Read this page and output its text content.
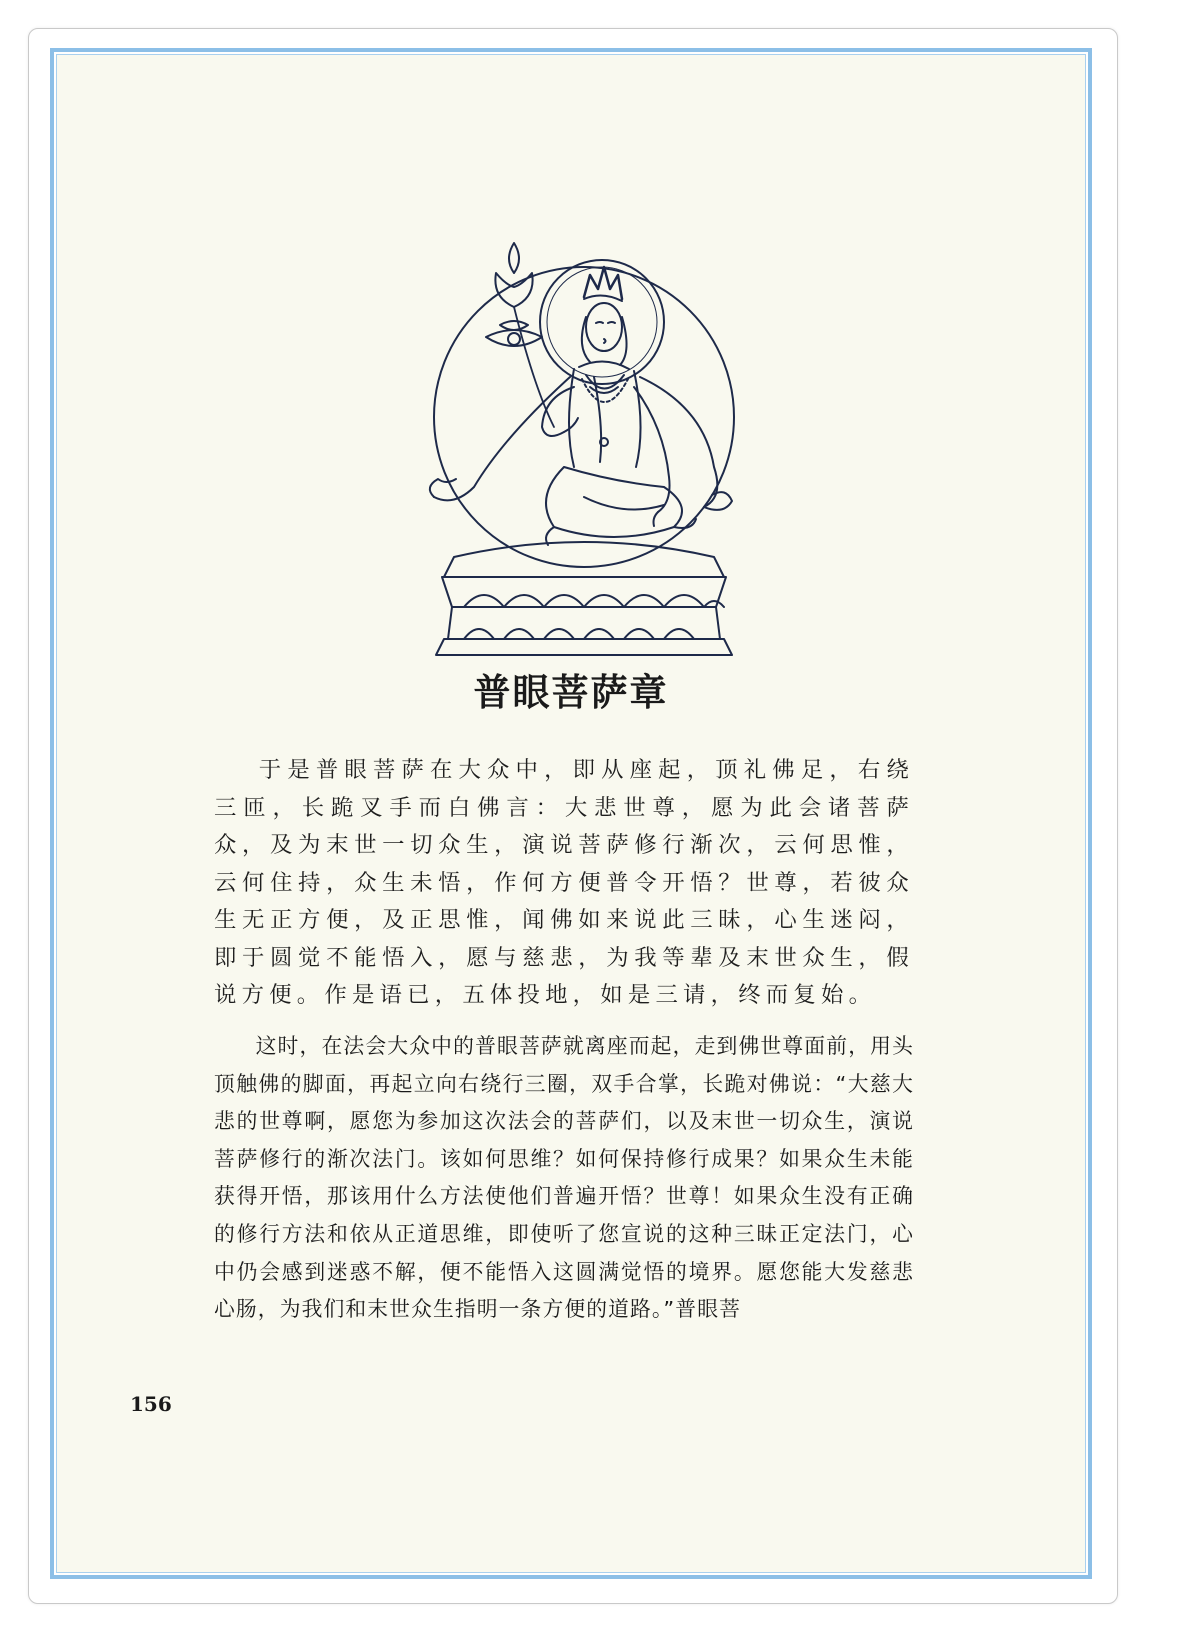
普眼菩萨章

于是普眼菩萨在大众中，即从座起，顶礼佛足，右绕三匝，长跪叉手而白佛言：大悲世尊，愿为此会诸菩萨众，及为末世一切众生，演说菩萨修行渐次，云何思惟，云何住持，众生未悟，作何方便普令开悟？世尊，若彼众生无正方便，及正思惟，闻佛如来说此三昧，心生迷闷，即于圆觉不能悟入，愿与慈悲，为我等辈及末世众生，假说方便。作是语已，五体投地，如是三请，终而复始。

这时，在法会大众中的普眼菩萨就离座而起，走到佛世尊面前，用头顶触佛的脚面，再起立向右绕行三圈，双手合掌，长跪对佛说：“大慈大悲的世尊啊，愿您为参加这次法会的菩萨们，以及末世一切众生，演说菩萨修行的渐次法门。该如何思维？如何保持修行成果？如果众生未能获得开悟，那该用什么方法使他们普遍开悟？世尊！如果众生没有正确的修行方法和依从正道思维，即使听了您宣说的这种三昧正定法门，心中仍会感到迷惑不解，便不能悟入这圆满觉悟的境界。愿您能大发慈悲心肠，为我们和末世众生指明一条方便的道路。”普眼菩

156
